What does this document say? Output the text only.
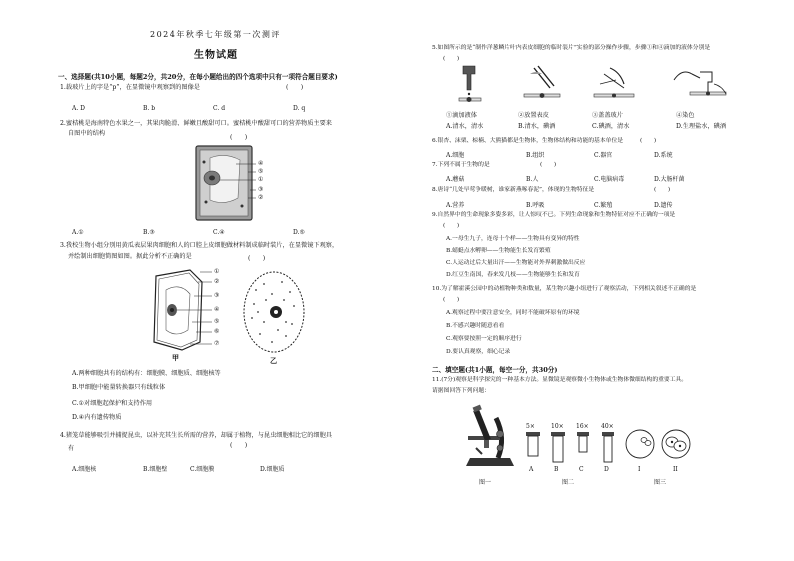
2024年秋季七年级第一次测评
生物试题
一、选择题(共10小题，每题2分，共20分，在每小题给出的四个选项中只有一项符合题目要求)
1.载玻片上的字是“p”，在显微镜中观察到的图像是	(　　)
A. D	B. b	C. d	D. q
2.蜜桔桃是海南特色水果之一，其果肉脆滑、鲜嫩且酸甜可口。蜜桔桃中酸甜可口的营养物质主要来
自图中的结构
(　　)
④
⑤
①
③
②
A.①	B.③	C.④	D.⑤
3.我校生物小组分别用黄瓜表层果肉细胞和人的口腔上皮细胞做材料制成临时装片，在显微镜下观察，
并绘制出细胞简图如图。据此分析不正确的是	(　　)
①
②
③
④
⑤
⑥
⑦
甲	乙
A.两种细胞共有的结构有：细胞膜、细胞质、细胞核等
B.甲细胞中能量转换器只有线粒体
C.①对细胞起保护和支持作用
D.④内有遗传物质
4.猪笼草能够吸引并捕捉昆虫，以补充其生长所需的营养，却属于植物，与昆虫细胞相比它的细胞具
有	(　　)
A.细胞核	B.细胞壁	C.细胞膜	D.细胞质
5.如图所示的是“制作洋葱鳞片叶内表皮细胞的临时装片”实验的部分操作步骤，步骤①和④滴加的液体分别是
(　　)
①滴加液体	②放置表皮	③盖盖玻片	④染色
A.清水，清水	B.清水，碘酒	C.碘酒，清水	D.生理盐水，碘酒
6.银杏、沫栗、椋楠、大熊猫都是生物体，生物体结构和功能的基本单位是	(　　)
A.细胞	B.组织	C.器官	D.系统
7.下列不属于生物的是	(　　)
A.蘑菇	B.人	C.电脑病毒	D.大肠杆菌
8.唐诗“几处早莺争暖树，谁家新燕啄春泥”，体现的生物特征是	(　　)
A.营养	B.呼吸	C.繁殖	D.遗传
9.自然界中的生命现象多姿多彩，让人惊叹不已。下列生命现象和生物特征对应不正确的一项是
(　　)
A.一母生九子，连母十个样——生物具有变异的特性
B.蜻蜓点水孵卵——生物能生长发育繁殖
C.人运动过后大量出汗——生物能对外界刺激做出反应
D.红豆生南国，春来发几枝——生物能够生长和发育
10.为了解霍溪公园中的动植物种类和数量，某生物兴趣小组进行了观察活动，下列相关叙述不正确的是
(　　)
A.观察过程中要注意安全，同时不能破坏原有的环境
B.不感兴趣时随意看看
C.观察要按照一定的顺序进行
D.要认真观察，细心记录
二、填空题(共1小题，每空一分，共30分)
11.(7分)观察是科学探究的一种基本方法。显微镜是观察微小生物体或生物体微细结构的重要工具。
请据图回答下列问题：
图一
5×	10× 16× 40×
A	B	C	D
图二
I	II
图三
